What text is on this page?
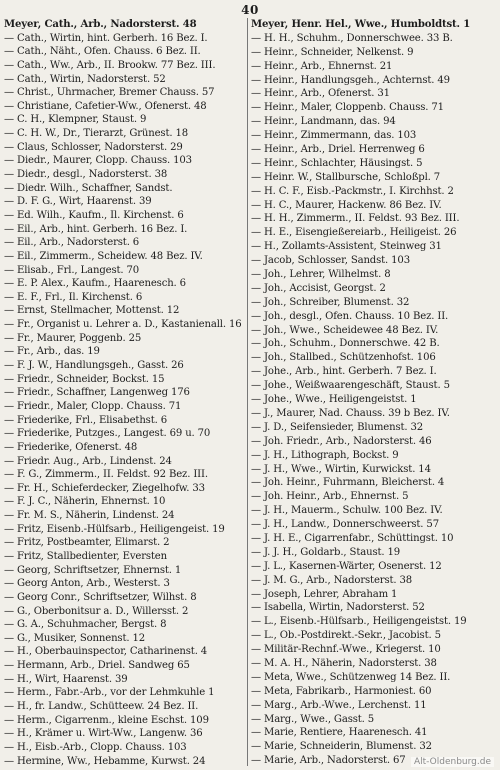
40
Meyer, Cath., Arb., Nadorsterst. 48
— Cath., Wirtin, hint. Gerberh. 16 Bez. I.
— Cath., Näht., Ofen. Chauss. 6 Bez. II.
— Cath., Ww., Arb., II. Brookw. 77 Bez. III.
— Cath., Wirtin, Nadorsterst. 52
— Christ., Uhrmacher, Bremer Chauss. 57
— Christiane, Cafetier-Ww., Ofenerst. 48
— C. H., Klempner, Staust. 9
— C. H. W., Dr., Tierarzt, Grünest. 18
— Claus, Schlosser, Nadorsterst. 29
— Diedr., Maurer, Clopp. Chauss. 103
— Diedr., desgl., Nadorsterst. 38
— Diedr. Wilh., Schaffner, Sandst.
— D. F. G., Wirt, Haarenst. 39
— Ed. Wilh., Kaufm., Il. Kirchenst. 6
— Eil., Arb., hint. Gerberh. 16 Bez. I.
— Eil., Arb., Nadorsterst. 6
— Eil., Zimmerm., Scheidew. 48 Bez. IV.
— Elisab., Frl., Langest. 70
— E. P. Alex., Kaufm., Haarenesch. 6
— E. F., Frl., Il. Kirchenst. 6
— Ernst, Stellmacher, Mottenst. 12
— Fr., Organist u. Lehrer a. D., Kastanienall. 16
— Fr., Maurer, Poggenb. 25
— Fr., Arb., das. 19
— F. J. W., Handlungsgeh., Gasst. 26
— Friedr., Schneider, Bockst. 15
— Friedr., Schaffner, Langenweg 176
— Friedr., Maler, Clopp. Chauss. 71
— Friederike, Frl., Elisabethst. 6
— Friederike, Putzges., Langest. 69 u. 70
— Friederike, Ofenerst. 48
— Friedr. Aug., Arb., Lindenst. 24
— F. G., Zimmerm., II. Feldst. 92 Bez. III.
— Fr. H., Schieferdecker, Ziegelhofw. 33
— F. J. C., Näherin, Ehnernst. 10
— Fr. M. S., Näherin, Lindenst. 24
— Fritz, Eisenb.-Hülfsarb., Heiligengeist. 19
— Fritz, Postbeamter, Elimarst. 2
— Fritz, Stallbedienter, Eversten
— Georg, Schriftsetzer, Ehnernst. 1
— Georg Anton, Arb., Westerst. 3
— Georg Conr., Schriftsetzer, Wilhst. 8
— G., Oberbonitsur a. D., Willersst. 2
— G. A., Schuhmacher, Bergst. 8
— G., Musiker, Sonnenst. 12
— H., Oberbauinspector, Catharinenst. 4
— Hermann, Arb., Driel. Sandweg 65
— H., Wirt, Haarenst. 39
— Herm., Fabr.-Arb., vor der Lehmkuhle 1
— H., fr. Landw., Schütteew. 24 Bez. II.
— Herm., Cigarrenm., kleine Eschst. 109
— H., Krämer u. Wirt-Ww., Langenw. 36
— H., Eisb.-Arb., Clopp. Chauss. 103
— Hermine, Ww., Hebamme, Kurwst. 24
Meyer, Henr. Hel., Wwe., Humboldtst. 1
— H. H., Schuhm., Donnerschwee. 33 B.
— Heinr., Schneider, Nelkenst. 9
— Heinr., Arb., Ehnernst. 21
— Heinr., Handlungsgeh., Achternst. 49
— Heinr., Arb., Ofenerst. 31
— Heinr., Maler, Cloppenb. Chauss. 71
— Heinr., Landmann, das. 94
— Heinr., Zimmermann, das. 103
— Heinr., Arb., Driel. Herrenweg 6
— Heinr., Schlachter, Häusingst. 5
— Heinr. W., Stallbursche, Schloßpl. 7
— H. C. F., Eisb.-Packmstr., I. Kirchhst. 2
— H. C., Maurer, Hackenw. 86 Bez. IV.
— H. H., Zimmerm., II. Feldst. 93 Bez. III.
— H. E., Eisengießereiarb., Heiligeist. 26
— H., Zollamts-Assistent, Steinweg 31
— Jacob, Schlosser, Sandst. 103
— Joh., Lehrer, Wilhelmst. 8
— Joh., Accisist, Georgst. 2
— Joh., Schreiber, Blumenst. 32
— Joh., desgl., Ofen. Chauss. 10 Bez. II.
— Joh., Wwe., Scheidewee 48 Bez. IV.
— Joh., Schuhm., Donnerschwe. 42 B.
— Joh., Stallbed., Schützenhofst. 106
— Johe., Arb., hint. Gerberh. 7 Bez. I.
— Johe., Weißwaarengeschäft, Staust. 5
— Johe., Wwe., Heiligengeistst. 1
— J., Maurer, Nad. Chauss. 39 b Bez. IV.
— J. D., Seifensieder, Blumenst. 32
— Joh. Friedr., Arb., Nadorsterst. 46
— J. H., Lithograph, Bockst. 9
— J. H., Wwe., Wirtin, Kurwickst. 14
— Joh. Heinr., Fuhrmann, Bleicherst. 4
— Joh. Heinr., Arb., Ehnernst. 5
— J. H., Mauerm., Schulw. 100 Bez. IV.
— J. H., Landw., Donnerschweerst. 57
— J. H. E., Cigarrenfabr., Schüttingst. 10
— J. J. H., Goldarb., Staust. 19
— J. L., Kasernen-Wärter, Osenerst. 12
— J. M. G., Arb., Nadorsterst. 38
— Joseph, Lehrer, Abraham 1
— Isabella, Wirtin, Nadorsterst. 52
— L., Eisenb.-Hülfsarb., Heiligengeistst. 19
— L., Ob.-Postdirekt.-Sekr., Jacobist. 5
— Militär-Rechnf.-Wwe., Kriegerst. 10
— M. A. H., Näherin, Nadorsterst. 38
— Meta, Wwe., Schützenweg 14 Bez. II.
— Meta, Fabrikarb., Harmoniest. 60
— Marg., Arb.-Wwe., Lerchenst. 11
— Marg., Wwe., Gasst. 5
— Marie, Rentiere, Haarenesch. 41
— Marie, Schneiderin, Blumenst. 32
— Marie, Arb., Nadorsterst. 67 Alt-Oldenburg.de
